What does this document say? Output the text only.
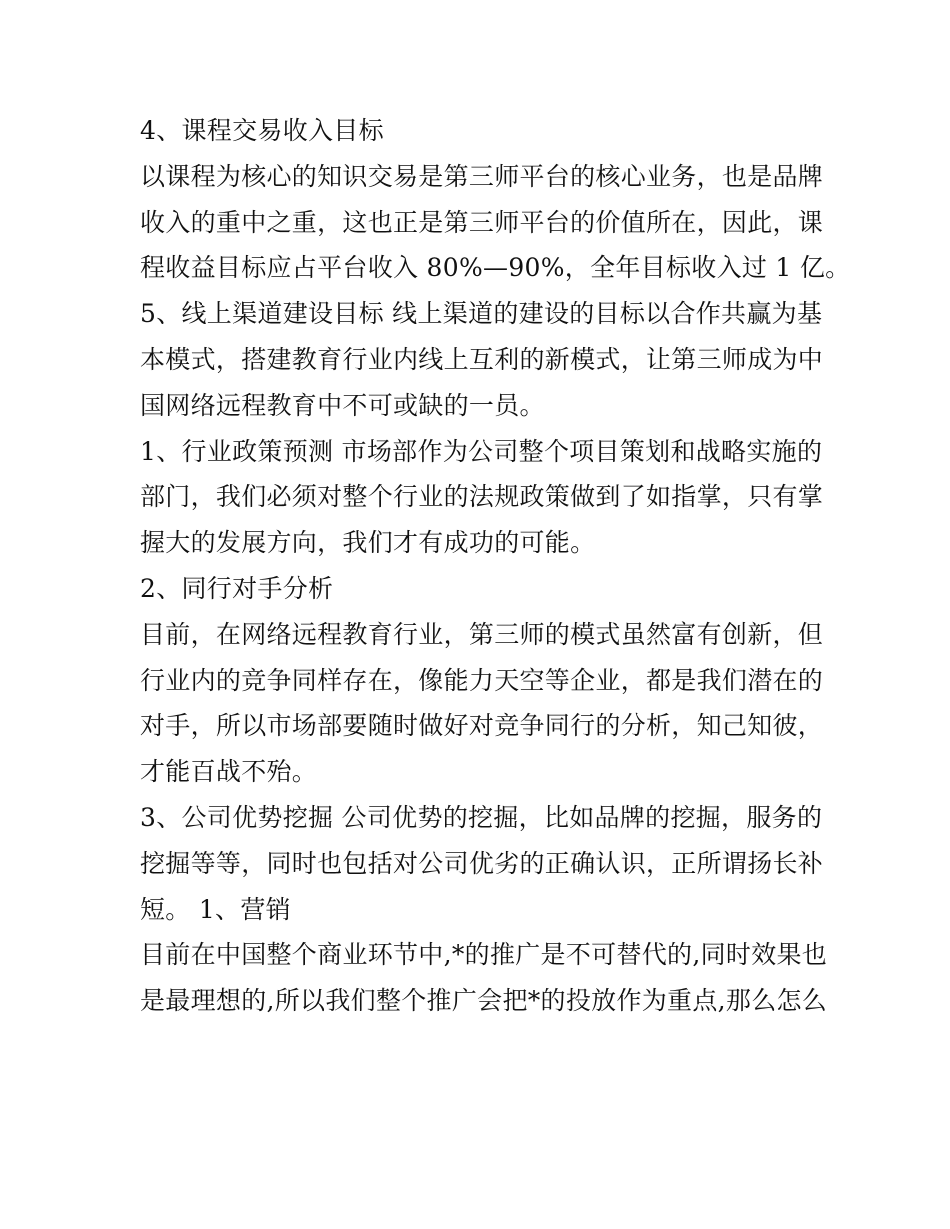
4、课程交易收入目标
以课程为核心的知识交易是第三师平台的核心业务，也是品牌
收入的重中之重，这也正是第三师平台的价值所在，因此，课
程收益目标应占平台收入 80%—90%，全年目标收入过 1 亿。
5、线上渠道建设目标 线上渠道的建设的目标以合作共赢为基
本模式，搭建教育行业内线上互利的新模式，让第三师成为中
国网络远程教育中不可或缺的一员。
1、行业政策预测 市场部作为公司整个项目策划和战略实施的
部门，我们必须对整个行业的法规政策做到了如指掌，只有掌
握大的发展方向，我们才有成功的可能。
2、同行对手分析
目前，在网络远程教育行业，第三师的模式虽然富有创新，但
行业内的竞争同样存在，像能力天空等企业，都是我们潜在的
对手，所以市场部要随时做好对竞争同行的分析，知己知彼，
才能百战不殆。
3、公司优势挖掘 公司优势的挖掘，比如品牌的挖掘，服务的
挖掘等等，同时也包括对公司优劣的正确认识，正所谓扬长补
短。 1、营销
目前在中国整个商业环节中,*的推广是不可替代的,同时效果也
是最理想的,所以我们整个推广会把*的投放作为重点,那么怎么
